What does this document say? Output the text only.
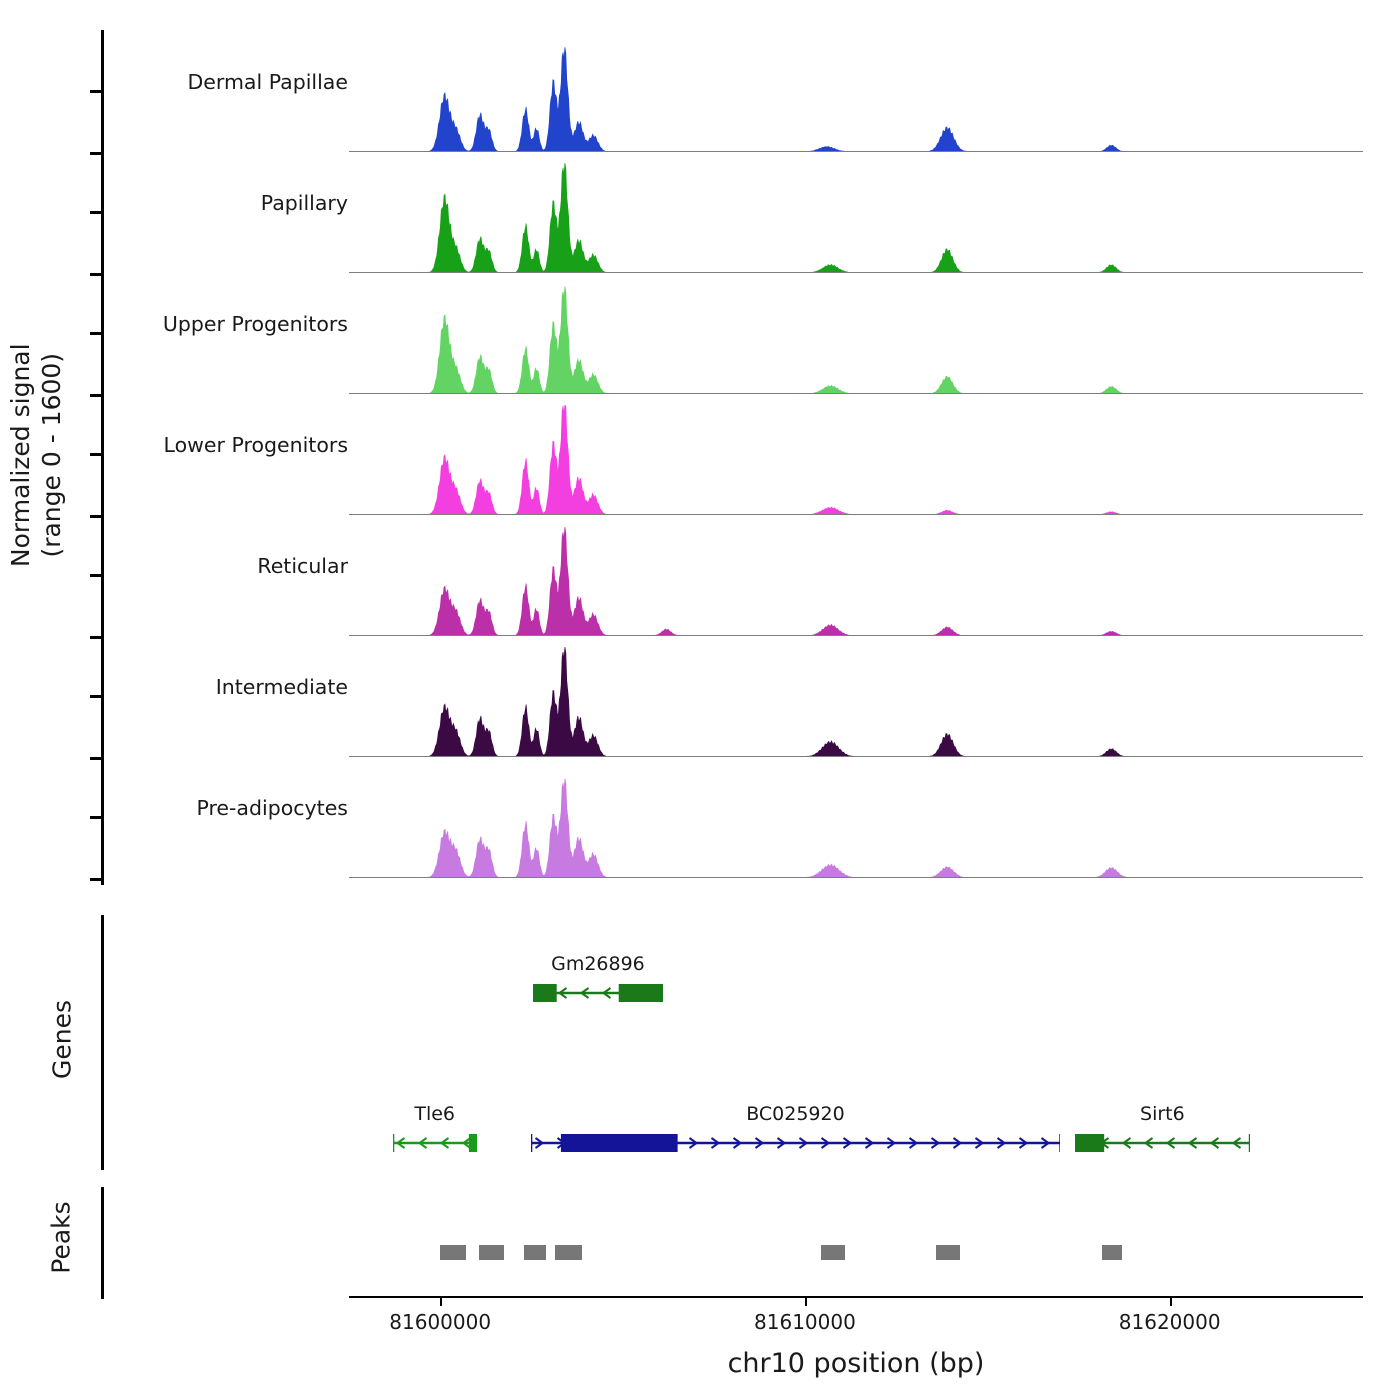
Normalized signal (range 0 - 1600)
Dermal Papillae
Papillary
Upper Progenitors
Lower Progenitors
Reticular
Intermediate
Pre-adipocytes
Genes
Gm26896
Tle6	BC025920	Sirt6
Peaks
81600000	81610000	81620000
chr10 position (bp)
